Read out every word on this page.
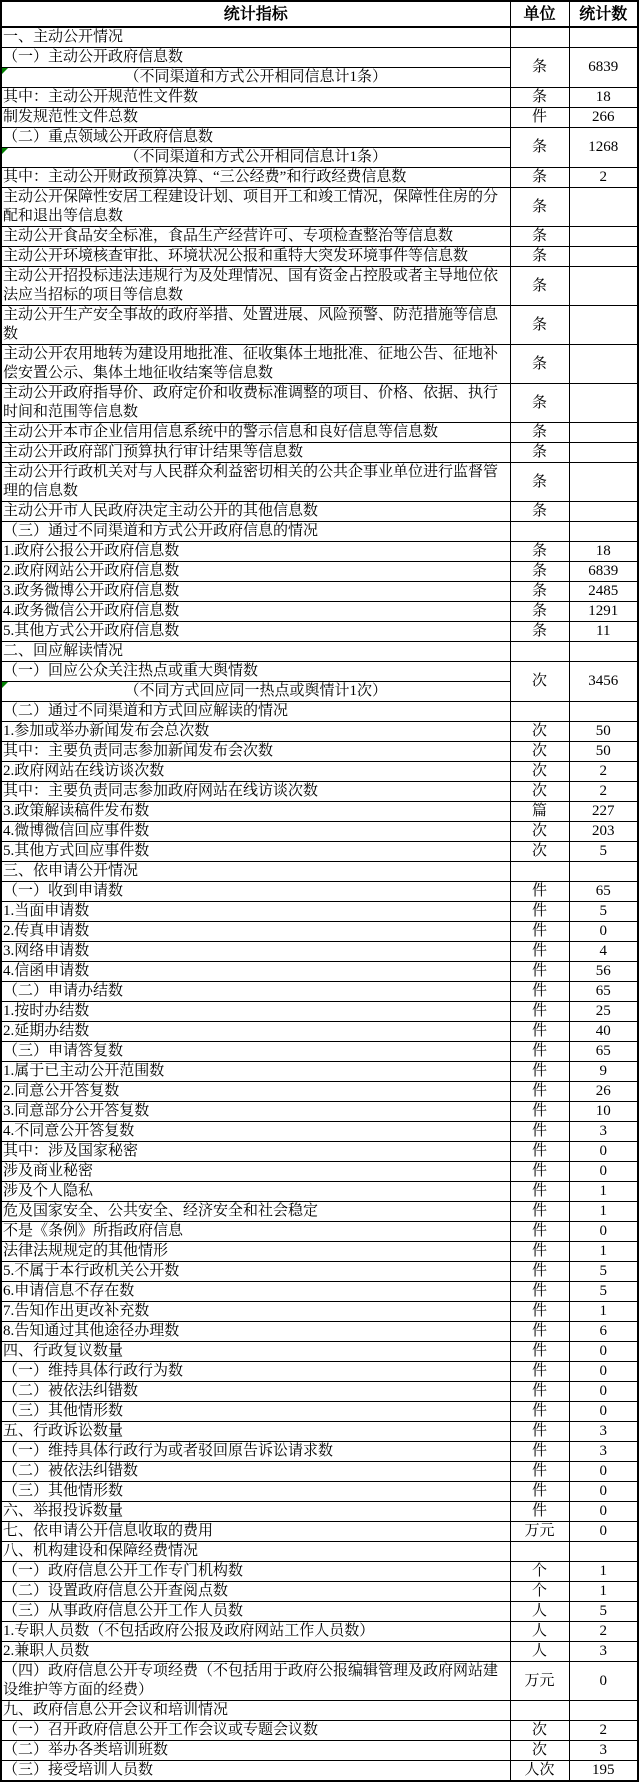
统计指标	单位	统计数
一、主动公开情况		
（一）主动公开政府信息数	条	6839
（不同渠道和方式公开相同信息计1条）		

其中：主动公开规范性文件数	条	18
制发规范性文件总数	件	266
（二）重点领域公开政府信息数	条	1268
（不同渠道和方式公开相同信息计1条）		

其中：主动公开财政预算决算、“三公经费”和行政经费信息数	条	2
主动公开保障性安居工程建设计划、项目开工和竣工情况，保障性住房的分配和退出等信息数	条	
主动公开食品安全标准，食品生产经营许可、专项检查整治等信息数	条	
主动公开环境核查审批、环境状况公报和重特大突发环境事件等信息数	条	
主动公开招投标违法违规行为及处理情况、国有资金占控股或者主导地位依法应当招标的项目等信息数	条	
主动公开生产安全事故的政府举措、处置进展、风险预警、防范措施等信息数	条	
主动公开农用地转为建设用地批准、征收集体土地批准、征地公告、征地补偿安置公示、集体土地征收结案等信息数	条	
主动公开政府指导价、政府定价和收费标准调整的项目、价格、依据、执行时间和范围等信息数	条	
主动公开本市企业信用信息系统中的警示信息和良好信息等信息数	条	
主动公开政府部门预算执行审计结果等信息数	条	
主动公开行政机关对与人民群众利益密切相关的公共企事业单位进行监督管理的信息数	条	
主动公开市人民政府决定主动公开的其他信息数	条	
（三）通过不同渠道和方式公开政府信息的情况		
1.政府公报公开政府信息数	条	18
2.政府网站公开政府信息数	条	6839
3.政务微博公开政府信息数	条	2485
4.政务微信公开政府信息数	条	1291
5.其他方式公开政府信息数	条	11
二、回应解读情况		
（一）回应公众关注热点或重大舆情数	次	3456
（不同方式回应同一热点或舆情计1次）		

（二）通过不同渠道和方式回应解读的情况		
1.参加或举办新闻发布会总次数	次	50
其中：主要负责同志参加新闻发布会次数	次	50
2.政府网站在线访谈次数	次	2
其中：主要负责同志参加政府网站在线访谈次数	次	2
3.政策解读稿件发布数	篇	227
4.微博微信回应事件数	次	203
5.其他方式回应事件数	次	5
三、依申请公开情况		
（一）收到申请数	件	65
1.当面申请数	件	5
2.传真申请数	件	0
3.网络申请数	件	4
4.信函申请数	件	56
（二）申请办结数	件	65
1.按时办结数	件	25
2.延期办结数	件	40
（三）申请答复数	件	65
1.属于已主动公开范围数	件	9
2.同意公开答复数	件	26
3.同意部分公开答复数	件	10
4.不同意公开答复数	件	3
其中：涉及国家秘密	件	0
涉及商业秘密	件	0
涉及个人隐私	件	1
危及国家安全、公共安全、经济安全和社会稳定	件	1
不是《条例》所指政府信息	件	0
法律法规规定的其他情形	件	1
5.不属于本行政机关公开数	件	5
6.申请信息不存在数	件	5
7.告知作出更改补充数	件	1
8.告知通过其他途径办理数	件	6
四、行政复议数量	件	0
（一）维持具体行政行为数	件	0
（二）被依法纠错数	件	0
（三）其他情形数	件	0
五、行政诉讼数量	件	3
（一）维持具体行政行为或者驳回原告诉讼请求数	件	3
（二）被依法纠错数	件	0
（三）其他情形数	件	0
六、举报投诉数量	件	0
七、依申请公开信息收取的费用	万元	0
八、机构建设和保障经费情况		
（一）政府信息公开工作专门机构数	个	1
（二）设置政府信息公开查阅点数	个	1
（三）从事政府信息公开工作人员数	人	5
1.专职人员数（不包括政府公报及政府网站工作人员数）	人	2
2.兼职人员数	人	3
（四）政府信息公开专项经费（不包括用于政府公报编辑管理及政府网站建设维护等方面的经费）	万元	0
九、政府信息公开会议和培训情况		
（一）召开政府信息公开工作会议或专题会议数	次	2
（二）举办各类培训班数	次	3
（三）接受培训人员数	人次	195
